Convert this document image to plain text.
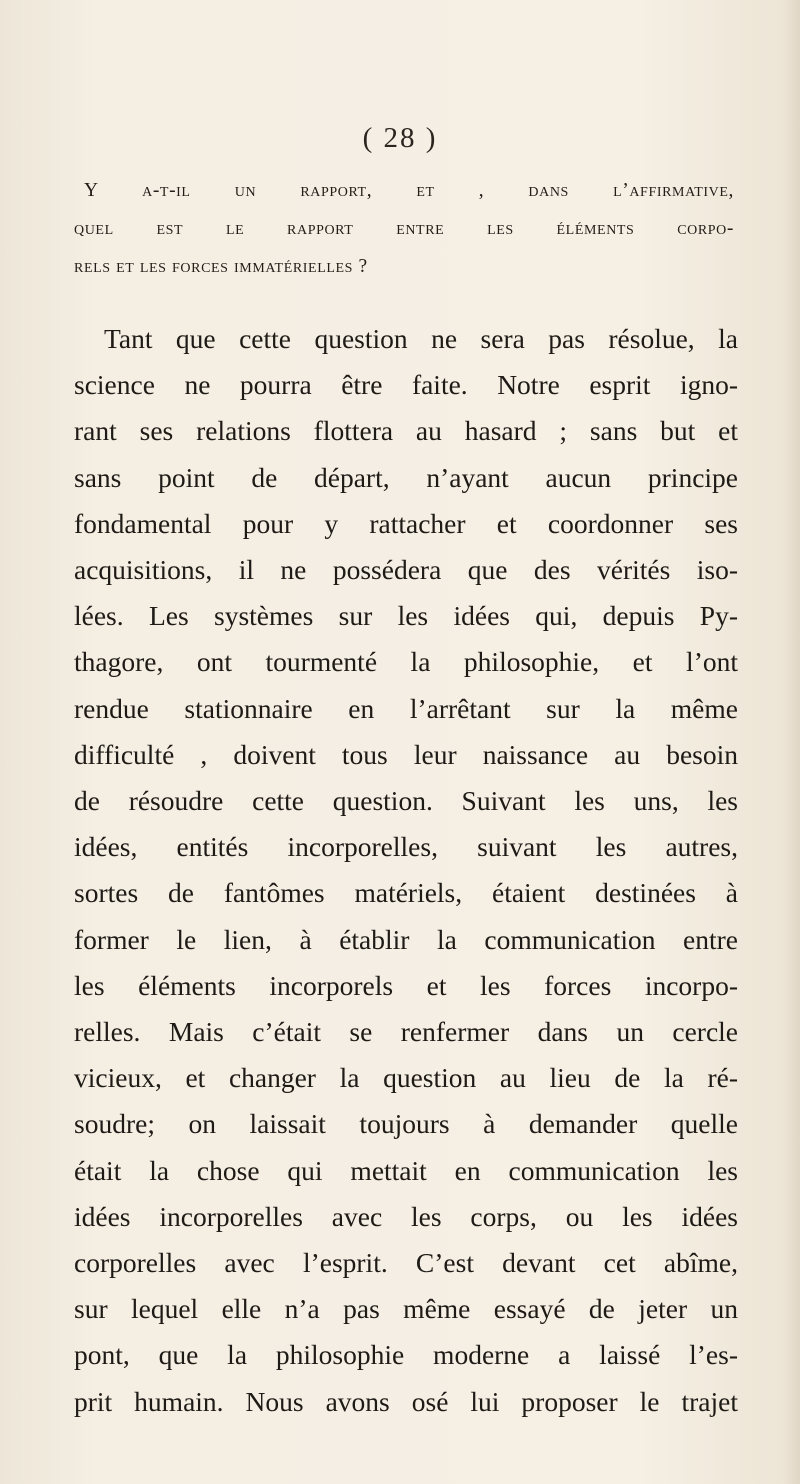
( 28 )
Y a-t-il un rapport, et , dans l’affirmative,
quel est le rapport entre les éléments corpo-
rels et les forces immatérielles ?
Tant que cette question ne sera pas résolue, la
science ne pourra être faite. Notre esprit igno-
rant ses relations flottera au hasard ; sans but et
sans point de départ, n’ayant aucun principe
fondamental pour y rattacher et coordonner ses
acquisitions, il ne possédera que des vérités iso-
lées. Les systèmes sur les idées qui, depuis Py-
thagore, ont tourmenté la philosophie, et l’ont
rendue stationnaire en l’arrêtant sur la même
difficulté , doivent tous leur naissance au besoin
de résoudre cette question. Suivant les uns, les
idées, entités incorporelles, suivant les autres,
sortes de fantômes matériels, étaient destinées à
former le lien, à établir la communication entre
les éléments incorporels et les forces incorpo-
relles. Mais c’était se renfermer dans un cercle
vicieux, et changer la question au lieu de la ré-
soudre; on laissait toujours à demander quelle
était la chose qui mettait en communication les
idées incorporelles avec les corps, ou les idées
corporelles avec l’esprit. C’est devant cet abîme,
sur lequel elle n’a pas même essayé de jeter un
pont, que la philosophie moderne a laissé l’es-
prit humain. Nous avons osé lui proposer le trajet
